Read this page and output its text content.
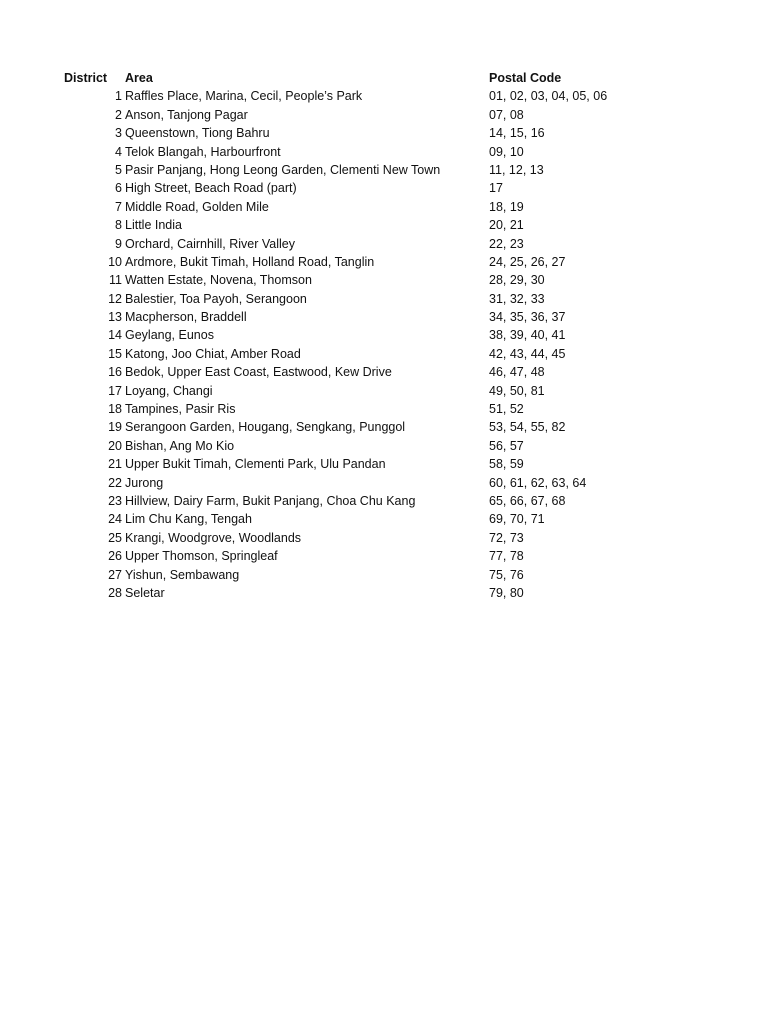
District Area	Postal Code
1 Raffles Place, Marina, Cecil, People’s Park	01, 02, 03, 04, 05, 06
2 Anson, Tanjong Pagar	07, 08
3 Queenstown, Tiong Bahru	14, 15, 16
4 Telok Blangah, Harbourfront	09, 10
5 Pasir Panjang, Hong Leong Garden, Clementi New Town	11, 12, 13
6 High Street, Beach Road (part)	17
7 Middle Road, Golden Mile	18, 19
8 Little India	20, 21
9 Orchard, Cairnhill, River Valley	22, 23
10 Ardmore, Bukit Timah, Holland Road, Tanglin	24, 25, 26, 27
11 Watten Estate, Novena, Thomson	28, 29, 30
12 Balestier, Toa Payoh, Serangoon	31, 32, 33
13 Macpherson, Braddell	34, 35, 36, 37
14 Geylang, Eunos	38, 39, 40, 41
15 Katong, Joo Chiat, Amber Road	42, 43, 44, 45
16 Bedok, Upper East Coast, Eastwood, Kew Drive	46, 47, 48
17 Loyang, Changi	49, 50, 81
18 Tampines, Pasir Ris	51, 52
19 Serangoon Garden, Hougang, Sengkang, Punggol	53, 54, 55, 82
20 Bishan, Ang Mo Kio	56, 57
21 Upper Bukit Timah, Clementi Park, Ulu Pandan	58, 59
22 Jurong	60, 61, 62, 63, 64
23 Hillview, Dairy Farm, Bukit Panjang, Choa Chu Kang	65, 66, 67, 68
24 Lim Chu Kang, Tengah	69, 70, 71
25 Krangi, Woodgrove, Woodlands	72, 73
26 Upper Thomson, Springleaf	77, 78
27 Yishun, Sembawang	75, 76
28 Seletar	79, 80
